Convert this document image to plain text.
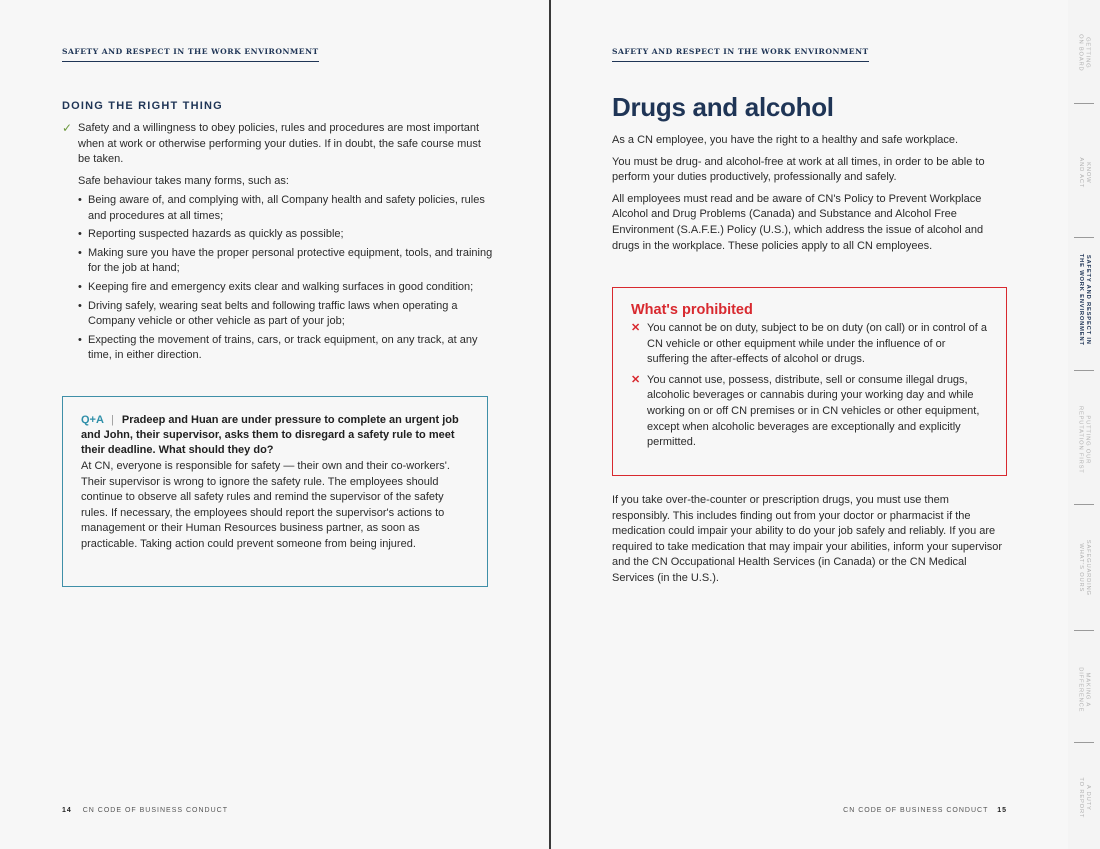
SAFETY AND RESPECT IN THE WORK ENVIRONMENT
DOING THE RIGHT THING
✓ Safety and a willingness to obey policies, rules and procedures are most important when at work or otherwise performing your duties. If in doubt, the safe course must be taken.

Safe behaviour takes many forms, such as:

• Being aware of, and complying with, all Company health and safety policies, rules and procedures at all times;
• Reporting suspected hazards as quickly as possible;
• Making sure you have the proper personal protective equipment, tools, and training for the job at hand;
• Keeping fire and emergency exits clear and walking surfaces in good condition;
• Driving safely, wearing seat belts and following traffic laws when operating a Company vehicle or other vehicle as part of your job;
• Expecting the movement of trains, cars, or track equipment, on any track, at any time, in either direction.

Q+A | Pradeep and Huan are under pressure to complete an urgent job and John, their supervisor, asks them to disregard a safety rule to meet their deadline. What should they do?

At CN, everyone is responsible for safety — their own and their co-workers'. Their supervisor is wrong to ignore the safety rule. The employees should continue to observe all safety rules and remind the supervisor of the safety rules. If necessary, the employees should report the supervisor's actions to management or their Human Resources business partner, as soon as practicable. Taking action could prevent someone from being injured.

14 CN CODE OF BUSINESS CONDUCT
SAFETY AND RESPECT IN THE WORK ENVIRONMENT
Drugs and alcohol

As a CN employee, you have the right to a healthy and safe workplace.

You must be drug- and alcohol-free at work at all times, in order to be able to perform your duties productively, professionally and safely.

All employees must read and be aware of CN's Policy to Prevent Workplace Alcohol and Drug Problems (Canada) and Substance and Alcohol Free Environment (S.A.F.E.) Policy (U.S.), which address the issue of alcohol and drugs in the workplace. These policies apply to all CN employees.

What's prohibited
✕ You cannot be on duty, subject to be on duty (on call) or in control of a CN vehicle or other equipment while under the influence of or suffering the after-effects of alcohol or drugs.
✕ You cannot use, possess, distribute, sell or consume illegal drugs, alcoholic beverages or cannabis during your working day and while working on or off CN premises or in CN vehicles or other equipment, except when alcoholic beverages are exceptionally and explicitly permitted.

If you take over-the-counter or prescription drugs, you must use them responsibly. This includes finding out from your doctor or pharmacist if the medication could impair your ability to do your job safely and reliably. If you are required to take medication that may impair your abilities, inform your supervisor and the CN Occupational Health Services (in Canada) or the CN Medical Services (in the U.S.).

CN CODE OF BUSINESS CONDUCT 15
GETTING
ON BOARD
KNOW
AND ACT
SAFETY AND RESPECT IN
THE WORK ENVIRONMENT
PUTTING OUR
REPUTATION FIRST
SAFEGUARDING
WHAT'S OURS
MAKING A
DIFFERENCE
A DUTY
TO REPORT
